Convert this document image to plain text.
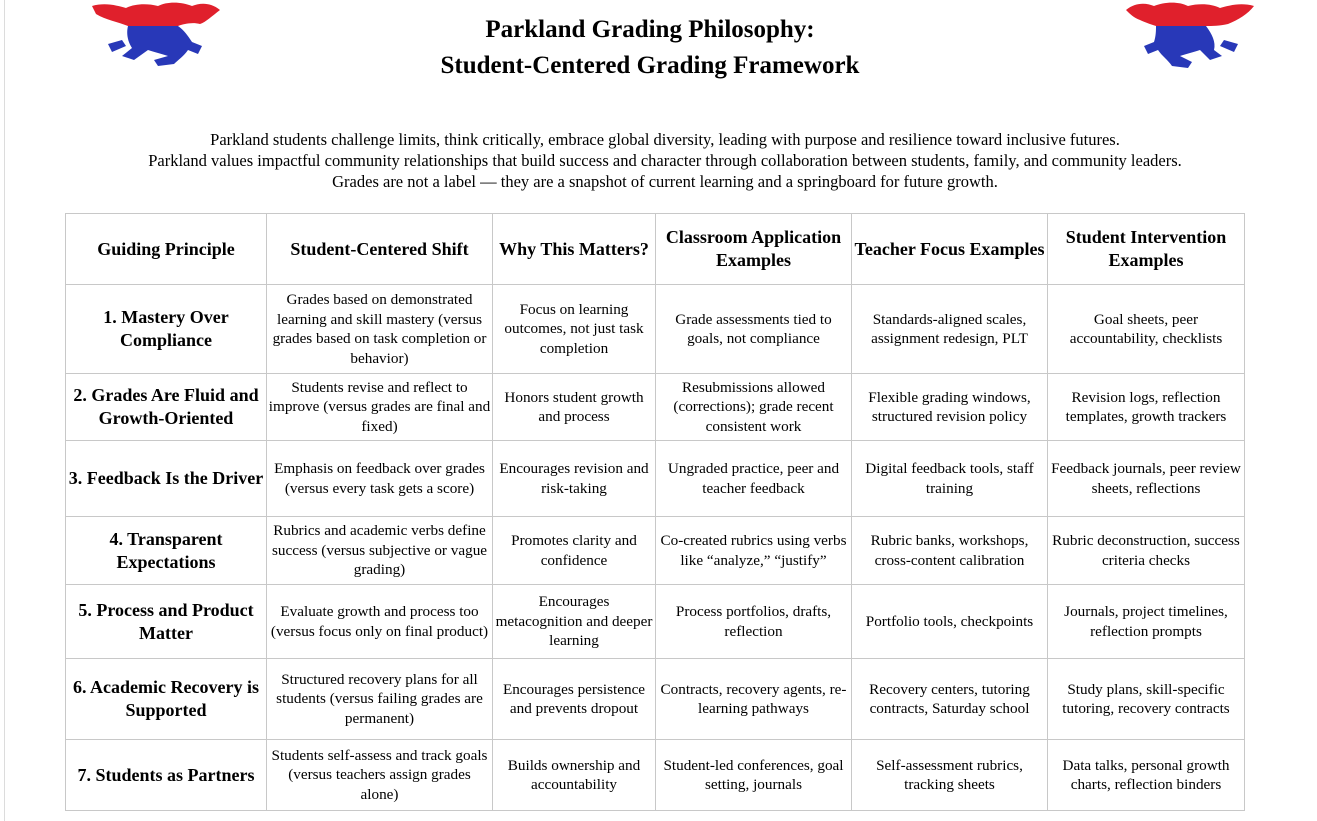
Parkland Grading Philosophy:
Student-Centered Grading Framework
Parkland students challenge limits, think critically, embrace global diversity, leading with purpose and resilience toward inclusive futures.
Parkland values impactful community relationships that build success and character through collaboration between students, family, and community leaders.
Grades are not a label — they are a snapshot of current learning and a springboard for future growth.
Guiding Principle	Student-Centered Shift	Why This Matters?	Classroom Application Examples	Teacher Focus Examples	Student Intervention Examples
1. Mastery Over Compliance	Grades based on demonstrated learning and skill mastery (versus grades based on task completion or behavior)	Focus on learning outcomes, not just task completion	Grade assessments tied to goals, not compliance	Standards-aligned scales, assignment redesign, PLT	Goal sheets, peer accountability, checklists
2. Grades Are Fluid and Growth-Oriented	Students revise and reflect to improve (versus grades are final and fixed)	Honors student growth and process	Resubmissions allowed (corrections); grade recent consistent work	Flexible grading windows, structured revision policy	Revision logs, reflection templates, growth trackers
3. Feedback Is the Driver	Emphasis on feedback over grades (versus every task gets a score)	Encourages revision and risk-taking	Ungraded practice, peer and teacher feedback	Digital feedback tools, staff training	Feedback journals, peer review sheets, reflections
4. Transparent Expectations	Rubrics and academic verbs define success (versus subjective or vague grading)	Promotes clarity and confidence	Co-created rubrics using verbs like “analyze,” “justify”	Rubric banks, workshops, cross-content calibration	Rubric deconstruction, success criteria checks
5. Process and Product Matter	Evaluate growth and process too (versus focus only on final product)	Encourages metacognition and deeper learning	Process portfolios, drafts, reflection	Portfolio tools, checkpoints	Journals, project timelines, reflection prompts
6. Academic Recovery is Supported	Structured recovery plans for all students (versus failing grades are permanent)	Encourages persistence and prevents dropout	Contracts, recovery agents, re-learning pathways	Recovery centers, tutoring contracts, Saturday school	Study plans, skill-specific tutoring, recovery contracts
7. Students as Partners	Students self-assess and track goals (versus teachers assign grades alone)	Builds ownership and accountability	Student-led conferences, goal setting, journals	Self-assessment rubrics, tracking sheets	Data talks, personal growth charts, reflection binders
